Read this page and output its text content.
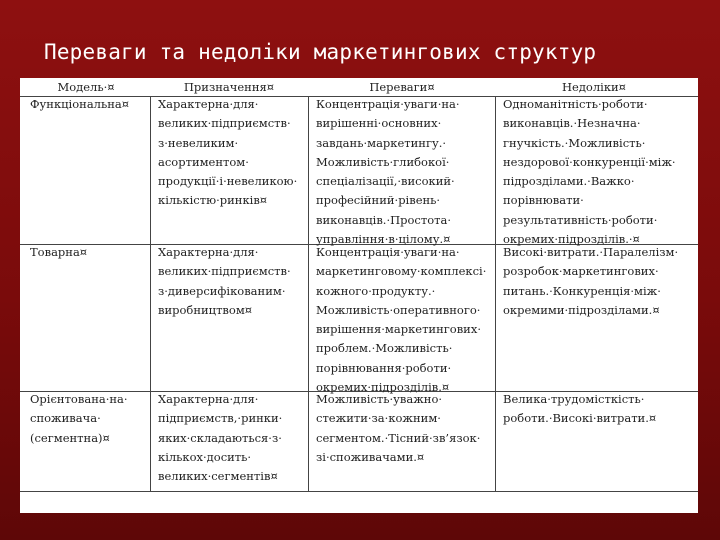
Переваги та недоліки маркетингових структур
Модель·¤	Призначення¤	Переваги¤	Недоліки¤
Функціональна¤	Характерна·для·
великих·підприємств·
з·невеликим·
асортиментом·
продукції·і·невеликою·
кількістю·ринків¤
Концентрація·уваги·на·
вирішенні·основних·
завдань·маркетингу.·
Можливість·глибокої·
спеціалізації,·високий·
професійний·рівень·
виконавців.·Простота·
управління·в·цілому.¤
Одноманітність·роботи·
виконавців.·Незначна·
гнучкість.·Можливість·
нездорової·конкуренції·між·
підрозділами.·Важко·
порівнювати·
результативність·роботи·
окремих·підрозділів.·¤
Товарна¤	Характерна·для·
великих·підприємств·
з·диверсифікованим·
виробництвом¤
Концентрація·уваги·на·
маркетинговому·комплексі·
кожного·продукту.·
Можливість·оперативного·
вирішення·маркетингових·
проблем.·Можливість·
порівнювання·роботи·
окремих·підрозділів.¤
Високі·витрати.·Паралелізм·
розробок·маркетингових·
питань.·Конкуренція·між·
окремими·підрозділами.¤
Орієнтована·на·
споживача·
(сегментна)¤
Характерна·для·
підприємств,·ринки·
яких·складаються·з·
кількох·досить·
великих·сегментів¤
Можливість·уважно·
стежити·за·кожним·
сегментом.·Тісний·зв’язок·
зі·споживачами.¤
Велика·трудомісткість·
роботи.·Високі·витрати.¤
